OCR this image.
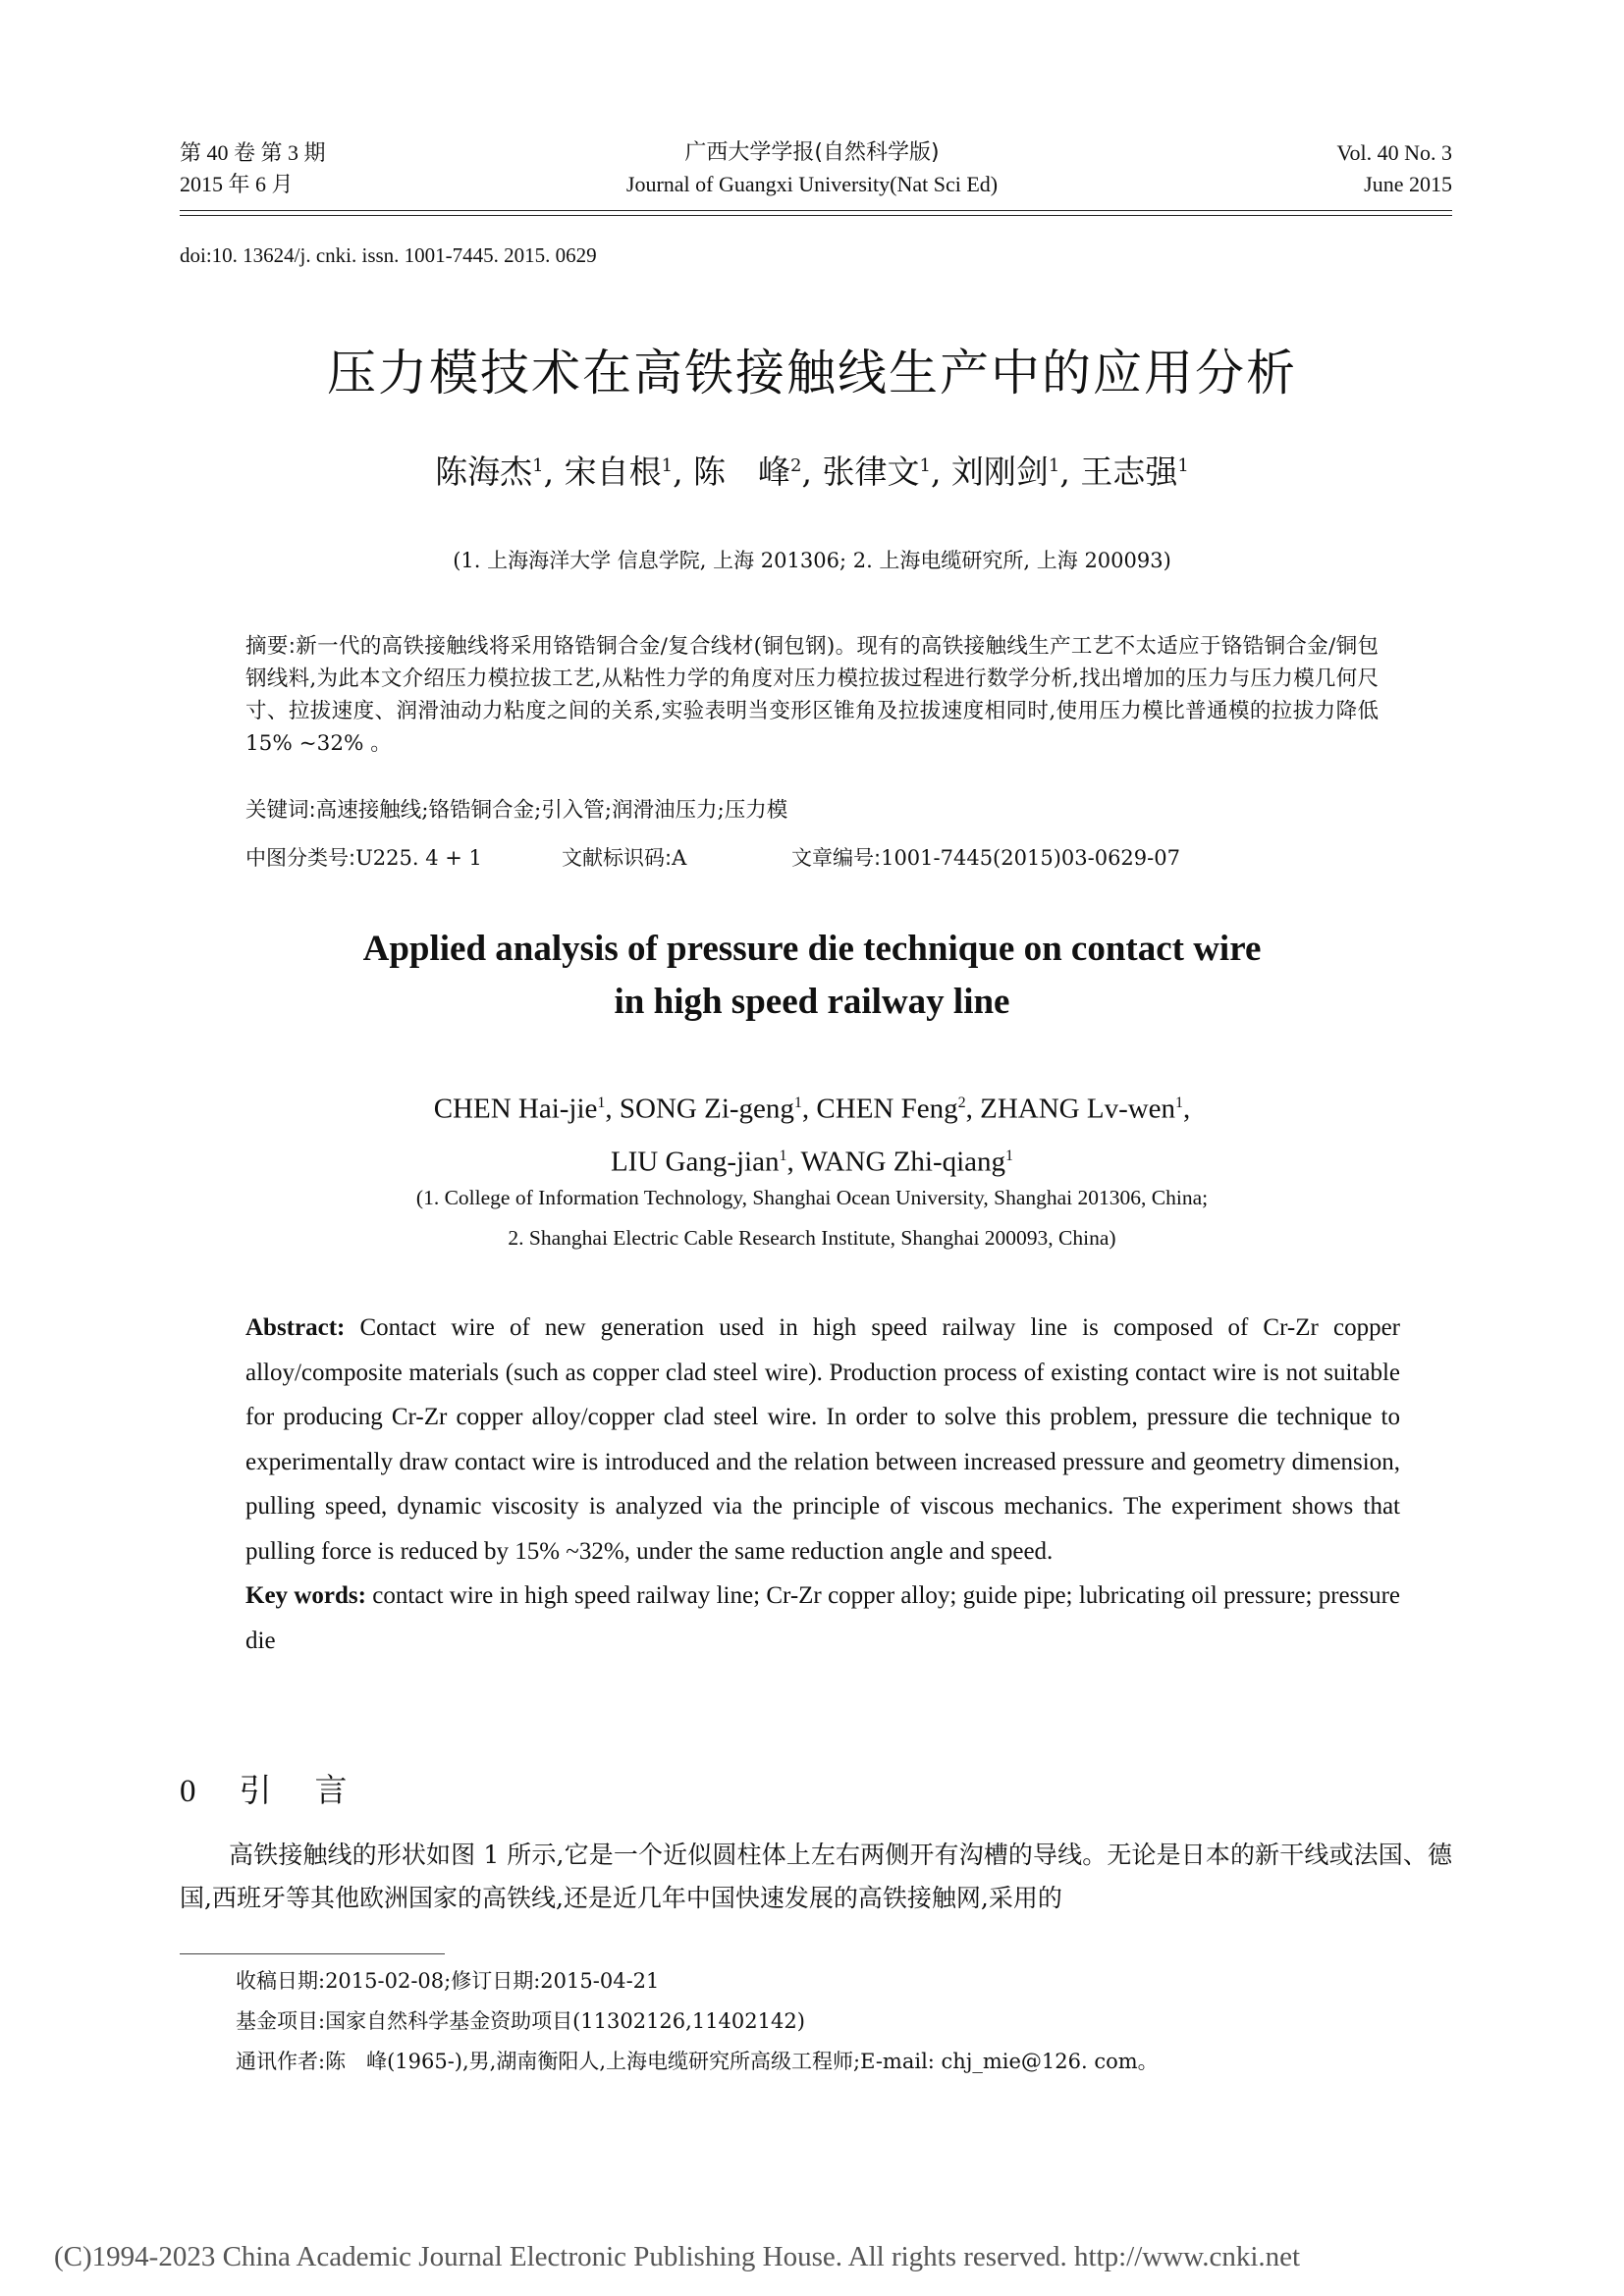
第 40 卷 第 3 期
2015 年 6 月
广西大学学报(自然科学版)
Journal of Guangxi University(Nat Sci Ed)
Vol. 40 No. 3
June 2015
doi:10. 13624/j. cnki. issn. 1001-7445. 2015. 0629
压力模技术在高铁接触线生产中的应用分析
陈海杰$^1$, 宋自根$^1$, 陈　峰$^2$, 张律文$^1$, 刘刚剑$^1$, 王志强$^1$
(1. 上海海洋大学 信息学院, 上海 201306; 2. 上海电缆研究所, 上海 200093)
摘要:新一代的高铁接触线将采用铬锆铜合金/复合线材(铜包钢)。现有的高铁接触线生产工艺不太适应于铬锆铜合金/铜包钢线料,为此本文介绍压力模拉拔工艺,从粘性力学的角度对压力模拉拔过程进行数学分析,找出增加的压力与压力模几何尺寸、拉拔速度、润滑油动力粘度之间的关系,实验表明当变形区锥角及拉拔速度相同时,使用压力模比普通模的拉拔力降低 15% ~32% 。
关键词:高速接触线;铬锆铜合金;引入管;润滑油压力;压力模
中图分类号:U225. 4 + 1	文献标识码:A	文章编号:1001-7445(2015)03-0629-07
Applied analysis of pressure die technique on contact wire
in high speed railway line
CHEN Hai-jie$^1$, SONG Zi-geng$^1$, CHEN Feng$^2$, ZHANG Lv-wen$^1$,
LIU Gang-jian$^1$, WANG Zhi-qiang$^1$
(1. College of Information Technology, Shanghai Ocean University, Shanghai 201306, China;
2. Shanghai Electric Cable Research Institute, Shanghai 200093, China)
Abstract: Contact wire of new generation used in high speed railway line is composed of Cr-Zr copper alloy/composite materials (such as copper clad steel wire). Production process of existing contact wire is not suitable for producing Cr-Zr copper alloy/copper clad steel wire. In order to solve this problem, pressure die technique to experimentally draw contact wire is introduced and the relation between increased pressure and geometry dimension, pulling speed, dynamic viscosity is analyzed via the principle of viscous mechanics. The experiment shows that pulling force is reduced by 15% ~32%, under the same reduction angle and speed.
Key words: contact wire in high speed railway line; Cr-Zr copper alloy; guide pipe; lubricating oil pressure; pressure die
0 引 言
高铁接触线的形状如图 1 所示,它是一个近似圆柱体上左右两侧开有沟槽的导线。无论是日本的新干线或法国、德国,西班牙等其他欧洲国家的高铁线,还是近几年中国快速发展的高铁接触网,采用的
收稿日期:2015-02-08;修订日期:2015-04-21
基金项目:国家自然科学基金资助项目(11302126,11402142)
通讯作者:陈　峰(1965-),男,湖南衡阳人,上海电缆研究所高级工程师;E-mail: chj_mie@126. com。
(C)1994-2023 China Academic Journal Electronic Publishing House. All rights reserved. http://www.cnki.net
